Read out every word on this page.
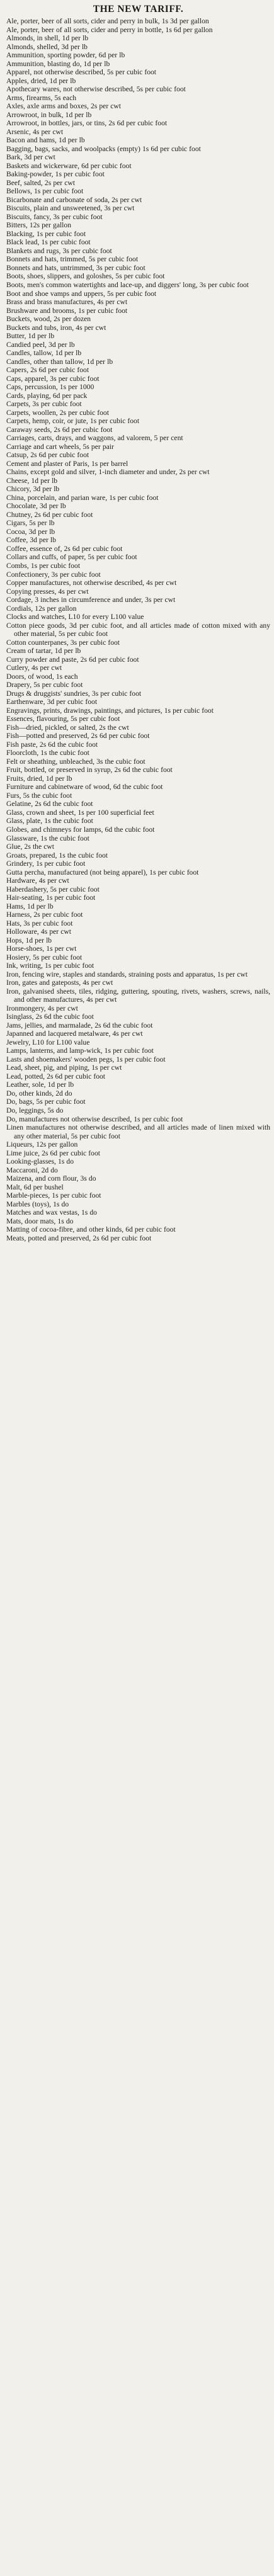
THE NEW TARIFF.

Ale, porter, beer of all sorts, cider and perry in bulk, 1s 3d per gallon

Ale, porter, beer of all sorts, cider and perry in bottle, 1s 6d per gallon

Almonds, in shell, 1d per lb

Almonds, shelled, 3d per lb

Ammunition, sporting powder, 6d per lb

Ammunition, blasting do, 1d per lb

Apparel, not otherwise described, 5s per cubic foot

Apples, dried, 1d per lb

Apothecary wares, not otherwise described, 5s per cubic foot

Arms, firearms, 5s each

Axles, axle arms and boxes, 2s per cwt

Arrowroot, in bulk, 1d per lb

Arrowroot, in bottles, jars, or tins, 2s 6d per cubic foot

Arsenic, 4s per cwt

Bacon and hams, 1d per lb

Bagging, bags, sacks, and woolpacks (empty) 1s 6d per cubic foot

Bark, 3d per cwt

Baskets and wickerware, 6d per cubic foot

Baking-powder, 1s per cubic foot

Beef, salted, 2s per cwt

Bellows, 1s per cubic foot

Bicarbonate and carbonate of soda, 2s per cwt

Biscuits, plain and unsweetened, 3s per cwt

Biscuits, fancy, 3s per cubic foot

Bitters, 12s per gallon

Blacking, 1s per cubic foot

Black lead, 1s per cubic foot

Blankets and rugs, 3s per cubic foot

Bonnets and hats, trimmed, 5s per cubic foot

Bonnets and hats, untrimmed, 3s per cubic foot

Boots, shoes, slippers, and goloshes, 5s per cubic foot

Boots, men's common watertights and lace-up, and diggers' long, 3s per cubic foot

Boot and shoe vamps and uppers, 5s per cubic foot

Brass and brass manufactures, 4s per cwt

Brushware and brooms, 1s per cubic foot

Buckets, wood, 2s per dozen

Buckets and tubs, iron, 4s per cwt

Butter, 1d per lb

Candied peel, 3d per lb

Candles, tallow, 1d per lb

Candles, other than tallow, 1d per lb

Capers, 2s 6d per cubic foot

Caps, apparel, 3s per cubic foot

Caps, percussion, 1s per 1000

Cards, playing, 6d per pack

Carpets, 3s per cubic foot

Carpets, woollen, 2s per cubic foot

Carpets, hemp, coir, or jute, 1s per cubic foot

Caraway seeds, 2s 6d per cubic foot

Carriages, carts, drays, and waggons, ad valorem, 5 per cent

Carriage and cart wheels, 5s per pair

Catsup, 2s 6d per cubic foot

Cement and plaster of Paris, 1s per barrel

Chains, except gold and silver, 1-inch diameter and under, 2s per cwt

Cheese, 1d per lb

Chicory, 3d per lb

China, porcelain, and parian ware, 1s per cubic foot

Chocolate, 3d per lb

Chutney, 2s 6d per cubic foot

Cigars, 5s per lb

Cocoa, 3d per lb

Coffee, 3d per lb

Coffee, essence of, 2s 6d per cubic foot

Collars and cuffs, of paper, 5s per cubic foot

Combs, 1s per cubic foot

Confectionery, 3s per cubic foot

Copper manufactures, not otherwise described, 4s per cwt

Copying presses, 4s per cwt

Cordage, 3 inches in circumference and under, 3s per cwt

Cordials, 12s per gallon

Clocks and watches, L10 for every L100 value

Cotton piece goods, 3d per cubic foot, and all articles made of cotton mixed with any other material, 5s per cubic foot

Cotton counterpanes, 3s per cubic foot

Cream of tartar, 1d per lb

Curry powder and paste, 2s 6d per cubic foot

Cutlery, 4s per cwt

Doors, of wood, 1s each

Drapery, 5s per cubic foot

Drugs & druggists' sundries, 3s per cubic foot

Earthenware, 3d per cubic foot

Engravings, prints, drawings, paintings, and pictures, 1s per cubic foot

Essences, flavouring, 5s per cubic foot

Fish—dried, pickled, or salted, 2s the cwt

Fish—potted and preserved, 2s 6d per cubic foot

Fish paste, 2s 6d the cubic foot

Floorcloth, 1s the cubic foot

Felt or sheathing, unbleached, 3s the cubic foot

Fruit, bottled, or preserved in syrup, 2s 6d the cubic foot

Fruits, dried, 1d per lb

Furniture and cabinetware of wood, 6d the cubic foot

Furs, 5s the cubic foot

Gelatine, 2s 6d the cubic foot

Glass, crown and sheet, 1s per 100 superficial feet

Glass, plate, 1s the cubic foot

Globes, and chimneys for lamps, 6d the cubic foot

Glassware, 1s the cubic foot

Glue, 2s the cwt

Groats, prepared, 1s the cubic foot

Grindery, 1s per cubic foot

Gutta percha, manufactured (not being apparel), 1s per cubic foot

Hardware, 4s per cwt

Haberdashery, 5s per cubic foot

Hair-seating, 1s per cubic foot

Hams, 1d per lb

Harness, 2s per cubic foot

Hats, 3s per cubic foot

Holloware, 4s per cwt

Hops, 1d per lb

Horse-shoes, 1s per cwt

Hosiery, 5s per cubic foot

Ink, writing, 1s per cubic foot

Iron, fencing wire, staples and standards, straining posts and apparatus, 1s per cwt

Iron, gates and gateposts, 4s per cwt

Iron, galvanised sheets, tiles, ridging, guttering, spouting, rivets, washers, screws, nails, and other manufactures, 4s per cwt

Ironmongery, 4s per cwt

Isinglass, 2s 6d the cubic foot

Jams, jellies, and marmalade, 2s 6d the cubic foot

Japanned and lacquered metalware, 4s per cwt

Jewelry, L10 for L100 value

Lamps, lanterns, and lamp-wick, 1s per cubic foot

Lasts and shoemakers' wooden pegs, 1s per cubic foot

Lead, sheet, pig, and piping, 1s per cwt

Lead, potted, 2s 6d per cubic foot

Leather, sole, 1d per lb

Do, other kinds, 2d do

Do, bags, 5s per cubic foot

Do, leggings, 5s do

Do, manufactures not otherwise described, 1s per cubic foot

Linen manufactures not otherwise described, and all articles made of linen mixed with any other material, 5s per cubic foot

Liqueurs, 12s per gallon

Lime juice, 2s 6d per cubic foot

Looking-glasses, 1s do

Maccaroni, 2d do

Maizena, and corn flour, 3s do

Malt, 6d per bushel

Marble-pieces, 1s per cubic foot

Marbles (toys), 1s do

Matches and wax vestas, 1s do

Mats, door mats, 1s do

Matting of cocoa-fibre, and other kinds, 6d per cubic foot

Meats, potted and preserved, 2s 6d per cubic foot
